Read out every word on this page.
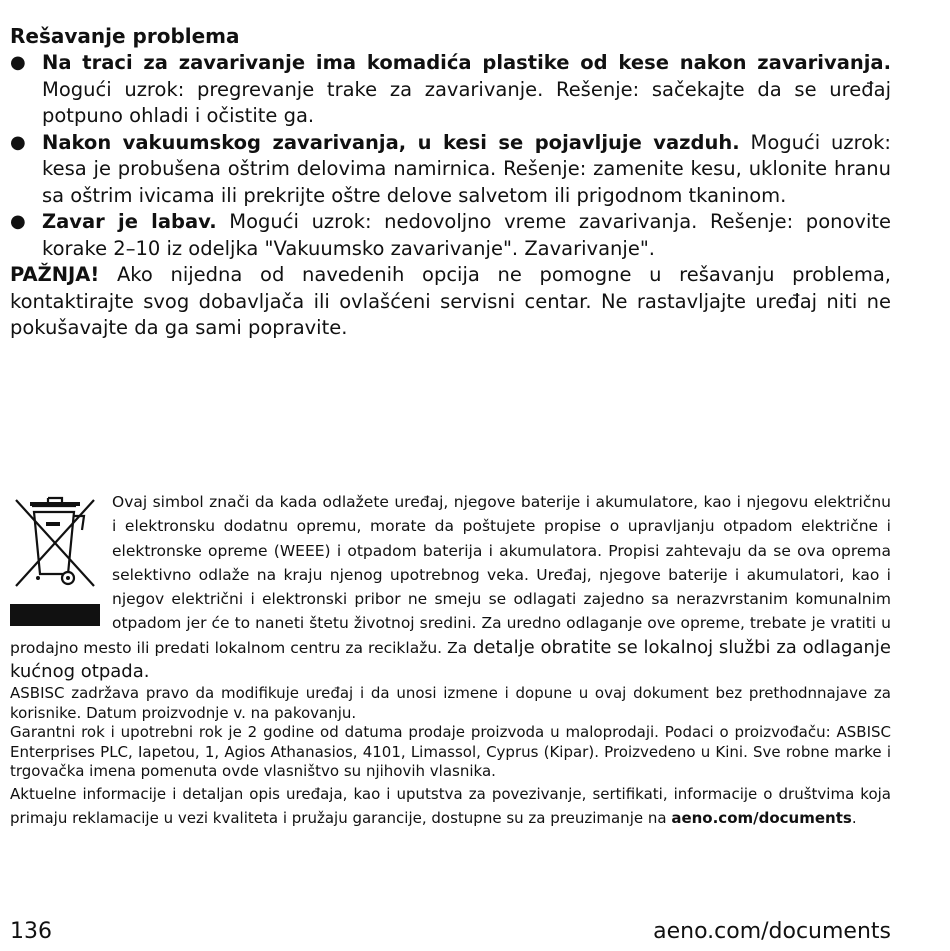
Rešavanje problema

● Na traci za zavarivanje ima komadića plastike od kese nakon zavarivanja. Mogući uzrok: pregrevanje trake za zavarivanje. Rešenje: sačekajte da se uređaj potpuno ohladi i očistite ga.
● Nakon vakuumskog zavarivanja, u kesi se pojavljuje vazduh. Mogući uzrok: kesa je probušena oštrim delovima namirnica. Rešenje: zamenite kesu, uklonite hranu sa oštrim ivicama ili prekrijte oštre delove salvetom ili prigodnom tkaninom.
● Zavar je labav. Mogući uzrok: nedovoljno vreme zavarivanja. Rešenje: ponovite korake 2–10 iz odeljka "Vakuumsko zavarivanje". Zavarivanje".

PAŽNJA! Ako nijedna od navedenih opcija ne pomogne u rešavanju problema, kontaktirajte svog dobavljača ili ovlašćeni servisni centar. Ne rastavljajte uređaj niti ne pokušavajte da ga sami popravite.

Ovaj simbol znači da kada odlažete uređaj, njegove baterije i akumulatore, kao i njegovu električnu i elektronsku dodatnu opremu, morate da poštujete propise o upravljanju otpadom električne i elektronske opreme (WEEE) i otpadom baterija i akumulatora. Propisi zahtevaju da se ova oprema selektivno odlaže na kraju njenog upotrebnog veka. Uređaj, njegove baterije i akumulatori, kao i njegov električni i elektronski pribor ne smeju se odlagati zajedno sa nerazvrstanim komunalnim otpadom jer će to naneti štetu životnoj sredini. Za uredno odlaganje ove opreme, trebate je vratiti u prodajno mesto ili predati lokalnom centru za reciklažu. Za detalje obratite se lokalnoj službi za odlaganje kućnog otpada.

ASBISC zadržava pravo da modifikuje uređaj i da unosi izmene i dopune u ovaj dokument bez prethodnnajave za korisnike. Datum proizvodnje v. na pakovanju.

Garantni rok i upotrebni rok je 2 godine od datuma prodaje proizvoda u maloprodaji. Podaci o proizvođaču: ASBISC Enterprises PLC, Iapetou, 1, Agios Athanasios, 4101, Limassol, Cyprus (Kipar). Proizvedeno u Kini. Sve robne marke i trgovačka imena pomenuta ovde vlasništvo su njihovih vlasnika.

Aktuelne informacije i detaljan opis uređaja, kao i uputstva za povezivanje, sertifikati, informacije o društvima koja primaju reklamacije u vezi kvaliteta i pružaju garancije, dostupne su za preuzimanje na aeno.com/documents.

136	aeno.com/documents
